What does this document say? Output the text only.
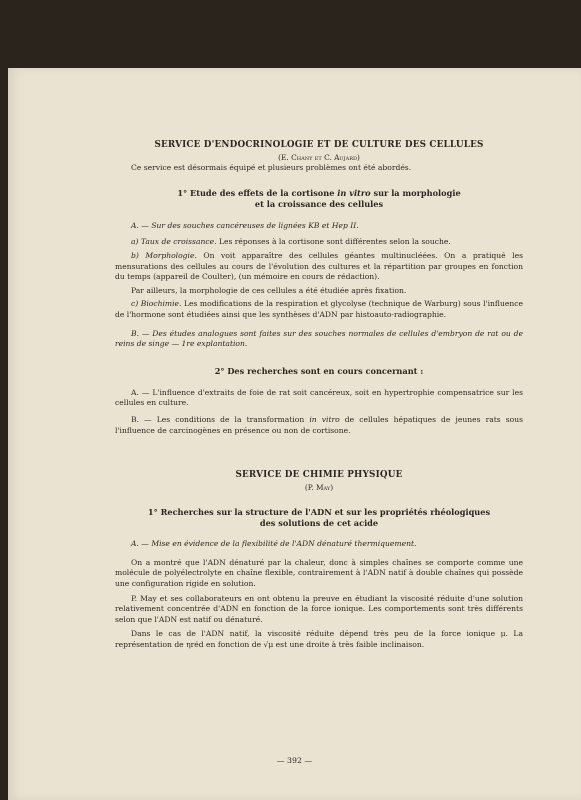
SERVICE D'ENDOCRINOLOGIE ET DE CULTURE DES CELLULES
(E. Chany et C. Aujard)

Ce service est désormais équipé et plusieurs problèmes ont été abordés.

1° Etude des effets de la cortisone in vitro sur la morphologie
et la croissance des cellules

A. — Sur des souches cancéreuses de lignées KB et Hep II.

a) Taux de croissance. Les réponses à la cortisone sont différentes selon la souche.

b) Morphologie. On voit apparaître des cellules géantes multinucléées. On a pratiqué les mensurations des cellules au cours de l'évolution des cultures et la répartition par groupes en fonction du temps (appareil de Coulter), (un mémoire en cours de rédaction).

Par ailleurs, la morphologie de ces cellules a été étudiée après fixation.

c) Biochimie. Les modifications de la respiration et glycolyse (technique de Warburg) sous l'influence de l'hormone sont étudiées ainsi que les synthèses d'ADN par histoauto-radiographie.

B. — Des études analogues sont faites sur des souches normales de cellules d'embryon de rat ou de reins de singe — 1re explantation.

2° Des recherches sont en cours concernant :

A. — L'influence d'extraits de foie de rat soit cancéreux, soit en hypertrophie compensatrice sur les cellules en culture.

B. — Les conditions de la transformation in vitro de cellules hépatiques de jeunes rats sous l'influence de carcinogènes en présence ou non de cortisone.

SERVICE DE CHIMIE PHYSIQUE
(P. May)
1° Recherches sur la structure de l'ADN et sur les propriétés rhéologiques
des solutions de cet acide

A. — Mise en évidence de la flexibilité de l'ADN dénaturé thermiquement.

On a montré que l'ADN dénaturé par la chaleur, donc à simples chaînes se comporte comme une molécule de polyélectrolyte en chaîne flexible, contrairement à l'ADN natif à double chaînes qui possède une configuration rigide en solution.

P. May et ses collaborateurs en ont obtenu la preuve en étudiant la viscosité réduite d'une solution relativement concentrée d'ADN en fonction de la force ionique. Les comportements sont très différents selon que l'ADN est natif ou dénaturé.

Dans le cas de l'ADN natif, la viscosité réduite dépend très peu de la force ionique μ. La représentation de ηréd en fonction de √μ est une droite à très faible inclinaison.

— 392 —
